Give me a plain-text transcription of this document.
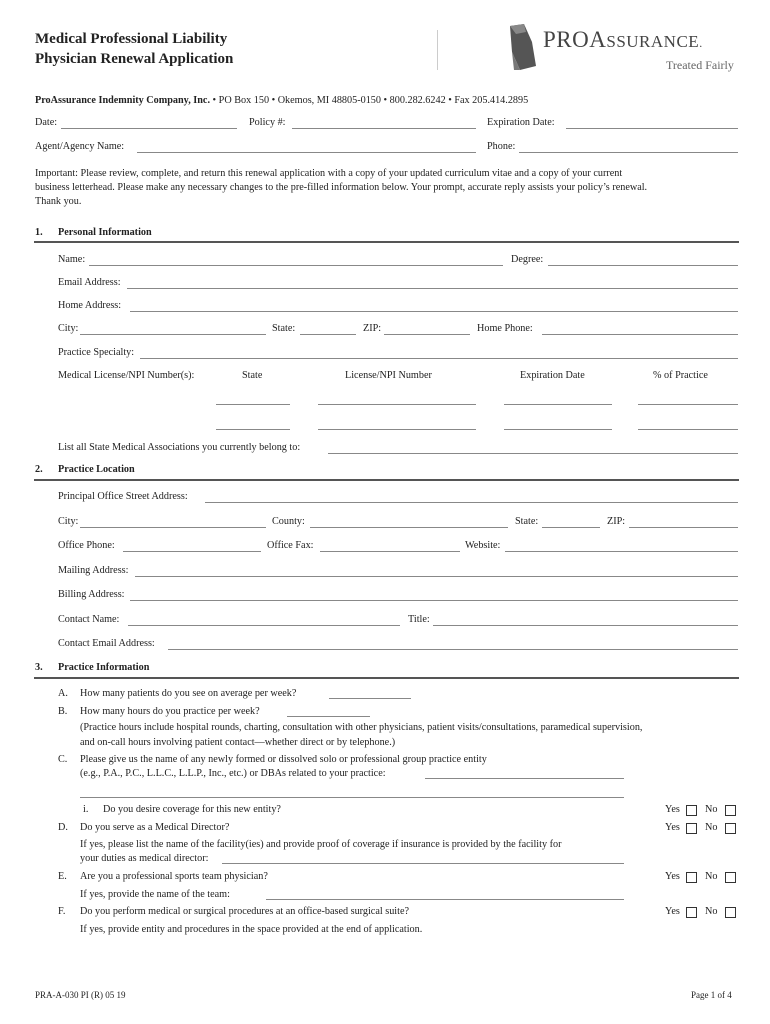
Medical Professional Liability
Physician Renewal Application
PROASSURANCE.
Treated Fairly
ProAssurance Indemnity Company, Inc. • PO Box 150 • Okemos, MI 48805-0150 • 800.282.6242 • Fax 205.414.2895
Date:	Policy #:	Expiration Date:
Agent/Agency Name:	Phone:
Important: Please review, complete, and return this renewal application with a copy of your updated curriculum vitae and a copy of your current
business letterhead. Please make any necessary changes to the pre-filled information below. Your prompt, accurate reply assists your policy’s renewal.
Thank you.
1. Personal Information
Name:	Degree:
Email Address:
Home Address:
City:	State:	ZIP:	Home Phone:
Practice Specialty:
Medical License/NPI Number(s):	State	License/NPI Number	Expiration Date	% of Practice
List all State Medical Associations you currently belong to:
2. Practice Location
Principal Office Street Address:
City:	County:	State:	ZIP:
Office Phone:	Office Fax:	Website:
Mailing Address:
Billing Address:
Contact Name:	Title:
Contact Email Address:
3. Practice Information
A. How many patients do you see on average per week?
B. How many hours do you practice per week?
(Practice hours include hospital rounds, charting, consultation with other physicians, patient visits/consultations, paramedical supervision,
and on-call hours involving patient contact—whether direct or by telephone.)
C. Please give us the name of any newly formed or dissolved solo or professional group practice entity
(e.g., P.A., P.C., L.L.C., L.L.P., Inc., etc.) or DBAs related to your practice:
i. Do you desire coverage for this new entity?	Yes No
D. Do you serve as a Medical Director?	Yes No
If yes, please list the name of the facility(ies) and provide proof of coverage if insurance is provided by the facility for
your duties as medical director:
E. Are you a professional sports team physician?	Yes No
If yes, provide the name of the team:
F. Do you perform medical or surgical procedures at an office-based surgical suite?	Yes No
If yes, provide entity and procedures in the space provided at the end of application.
PRA-A-030 PI (R) 05 19	Page 1 of 4
